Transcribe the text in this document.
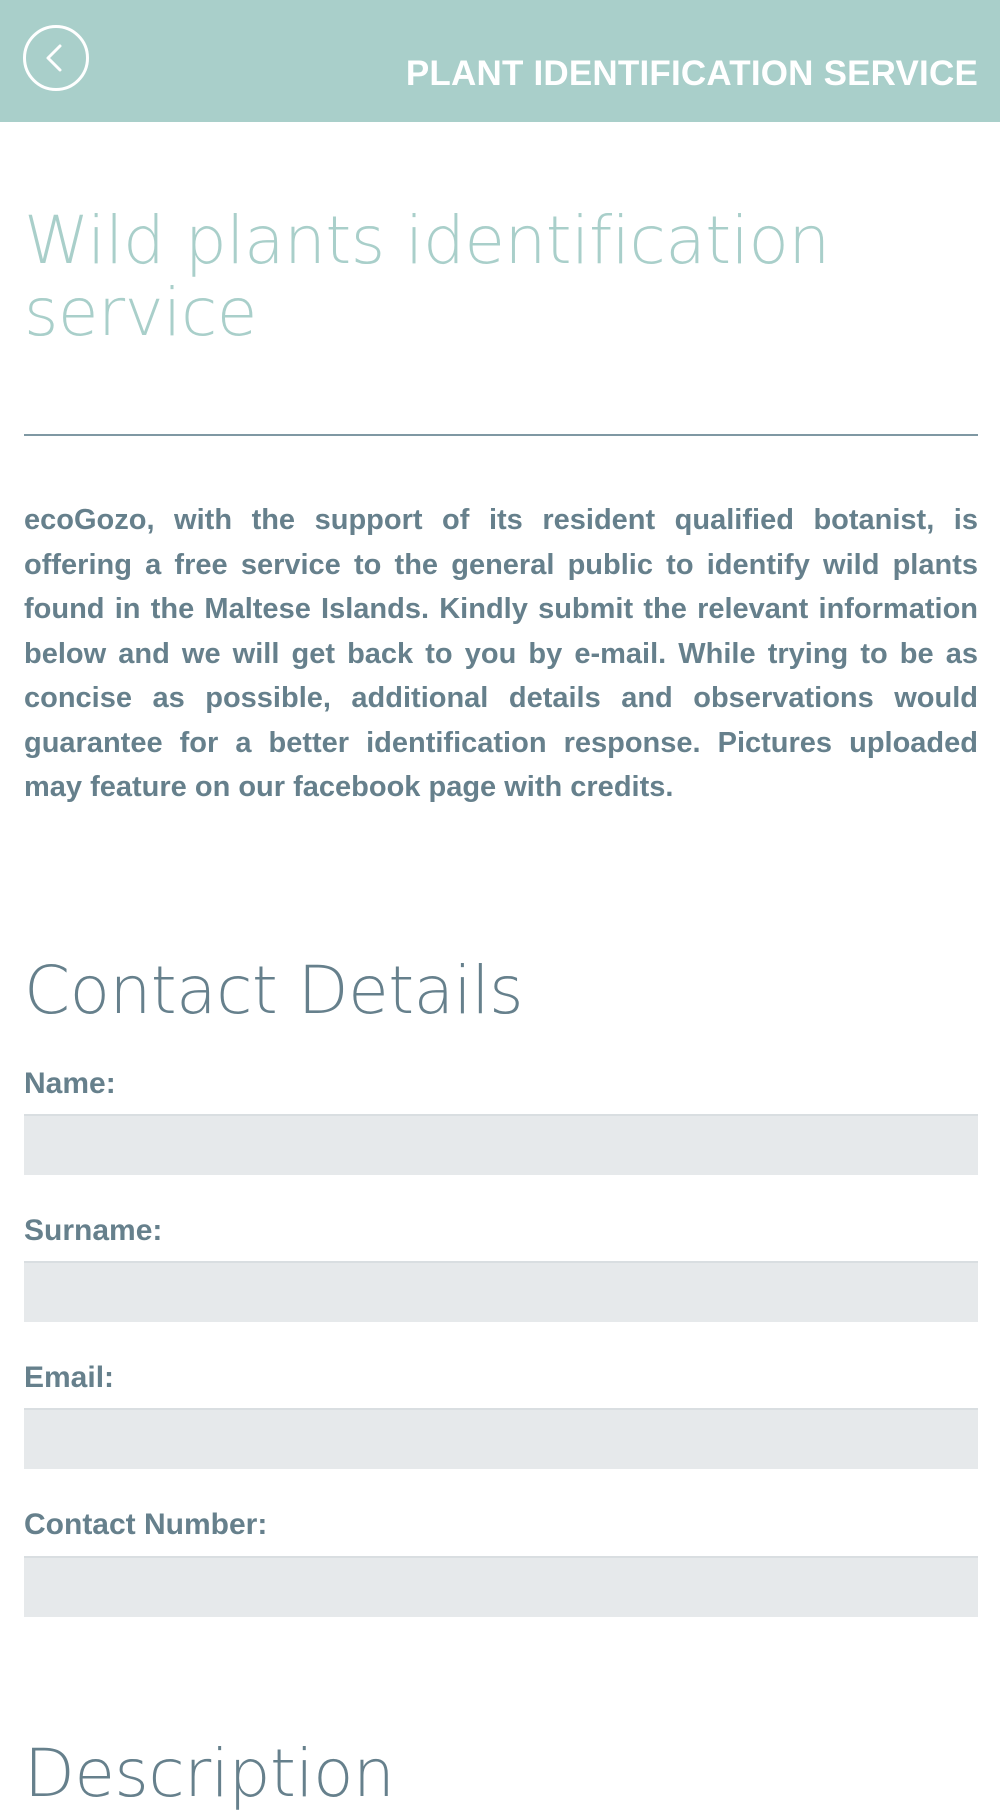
PLANT IDENTIFICATION SERVICE
Wild plants identification service

ecoGozo, with the support of its resident qualified botanist, is offering a free service to the general public to identify wild plants found in the Maltese Islands. Kindly submit the relevant information below and we will get back to you by e-mail. While trying to be as concise as possible, additional details and observations would guarantee for a better identification response. Pictures uploaded may feature on our facebook page with credits.

Contact Details
Name:
Surname:
Email:
Contact Number:
Description
